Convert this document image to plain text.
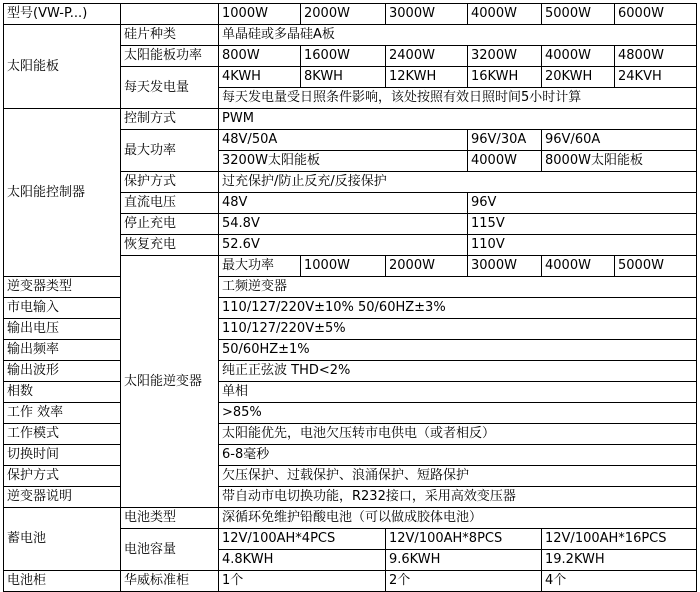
型号(VW-P...)		1000W	2000W	3000W	4000W	5000W	6000W	
太阳能板	硅片种类	单晶硅或多晶硅A板						
	太阳能板功率	800W	1600W	2400W	3200W	4000W	4800W	
	每天发电量	4KWH	8KWH	12KWH	16KWH	20KWH	24KVH	
		每天发电量受日照条件影响，该处按照有效日照时间5小时计算						
太阳能控制器	控制方式	PWM						
	最大功率	48V/50A			96V/30A	96V/60A		
		3200W太阳能板			4000W	8000W太阳能板		
	保护方式	过充保护/防止反充/反接保护						
	直流电压	48V			96V			
	停止充电	54.8V			115V			
	恢复充电	52.6V			110V			
	太阳能逆变器	最大功率	1000W	2000W	3000W	4000W	5000W	
逆变器类型		工频逆变器						
市电输入		110/127/220V±10% 50/60HZ±3%						
输出电压		110/127/220V±5%						
输出频率		50/60HZ±1%						
输出波形		纯正正弦波 THD<2%						
相数		单相						
工作 效率		>85%						
工作模式		太阳能优先，电池欠压转市电供电（或者相反）						
切换时间		6-8毫秒						
保护方式		欠压保护、过载保护、浪涌保护、短路保护						
逆变器说明		带自动市电切换功能，R232接口，采用高效变压器						
蓄电池	电池类型	深循环免维护铅酸电池（可以做成胶体电池）						
	电池容量	12V/100AH*4PCS		12V/100AH*8PCS		12V/100AH*16PCS		
		4.8KWH		9.6KWH		19.2KWH		
电池柜	华威标准柜	1个		2个		4个		
